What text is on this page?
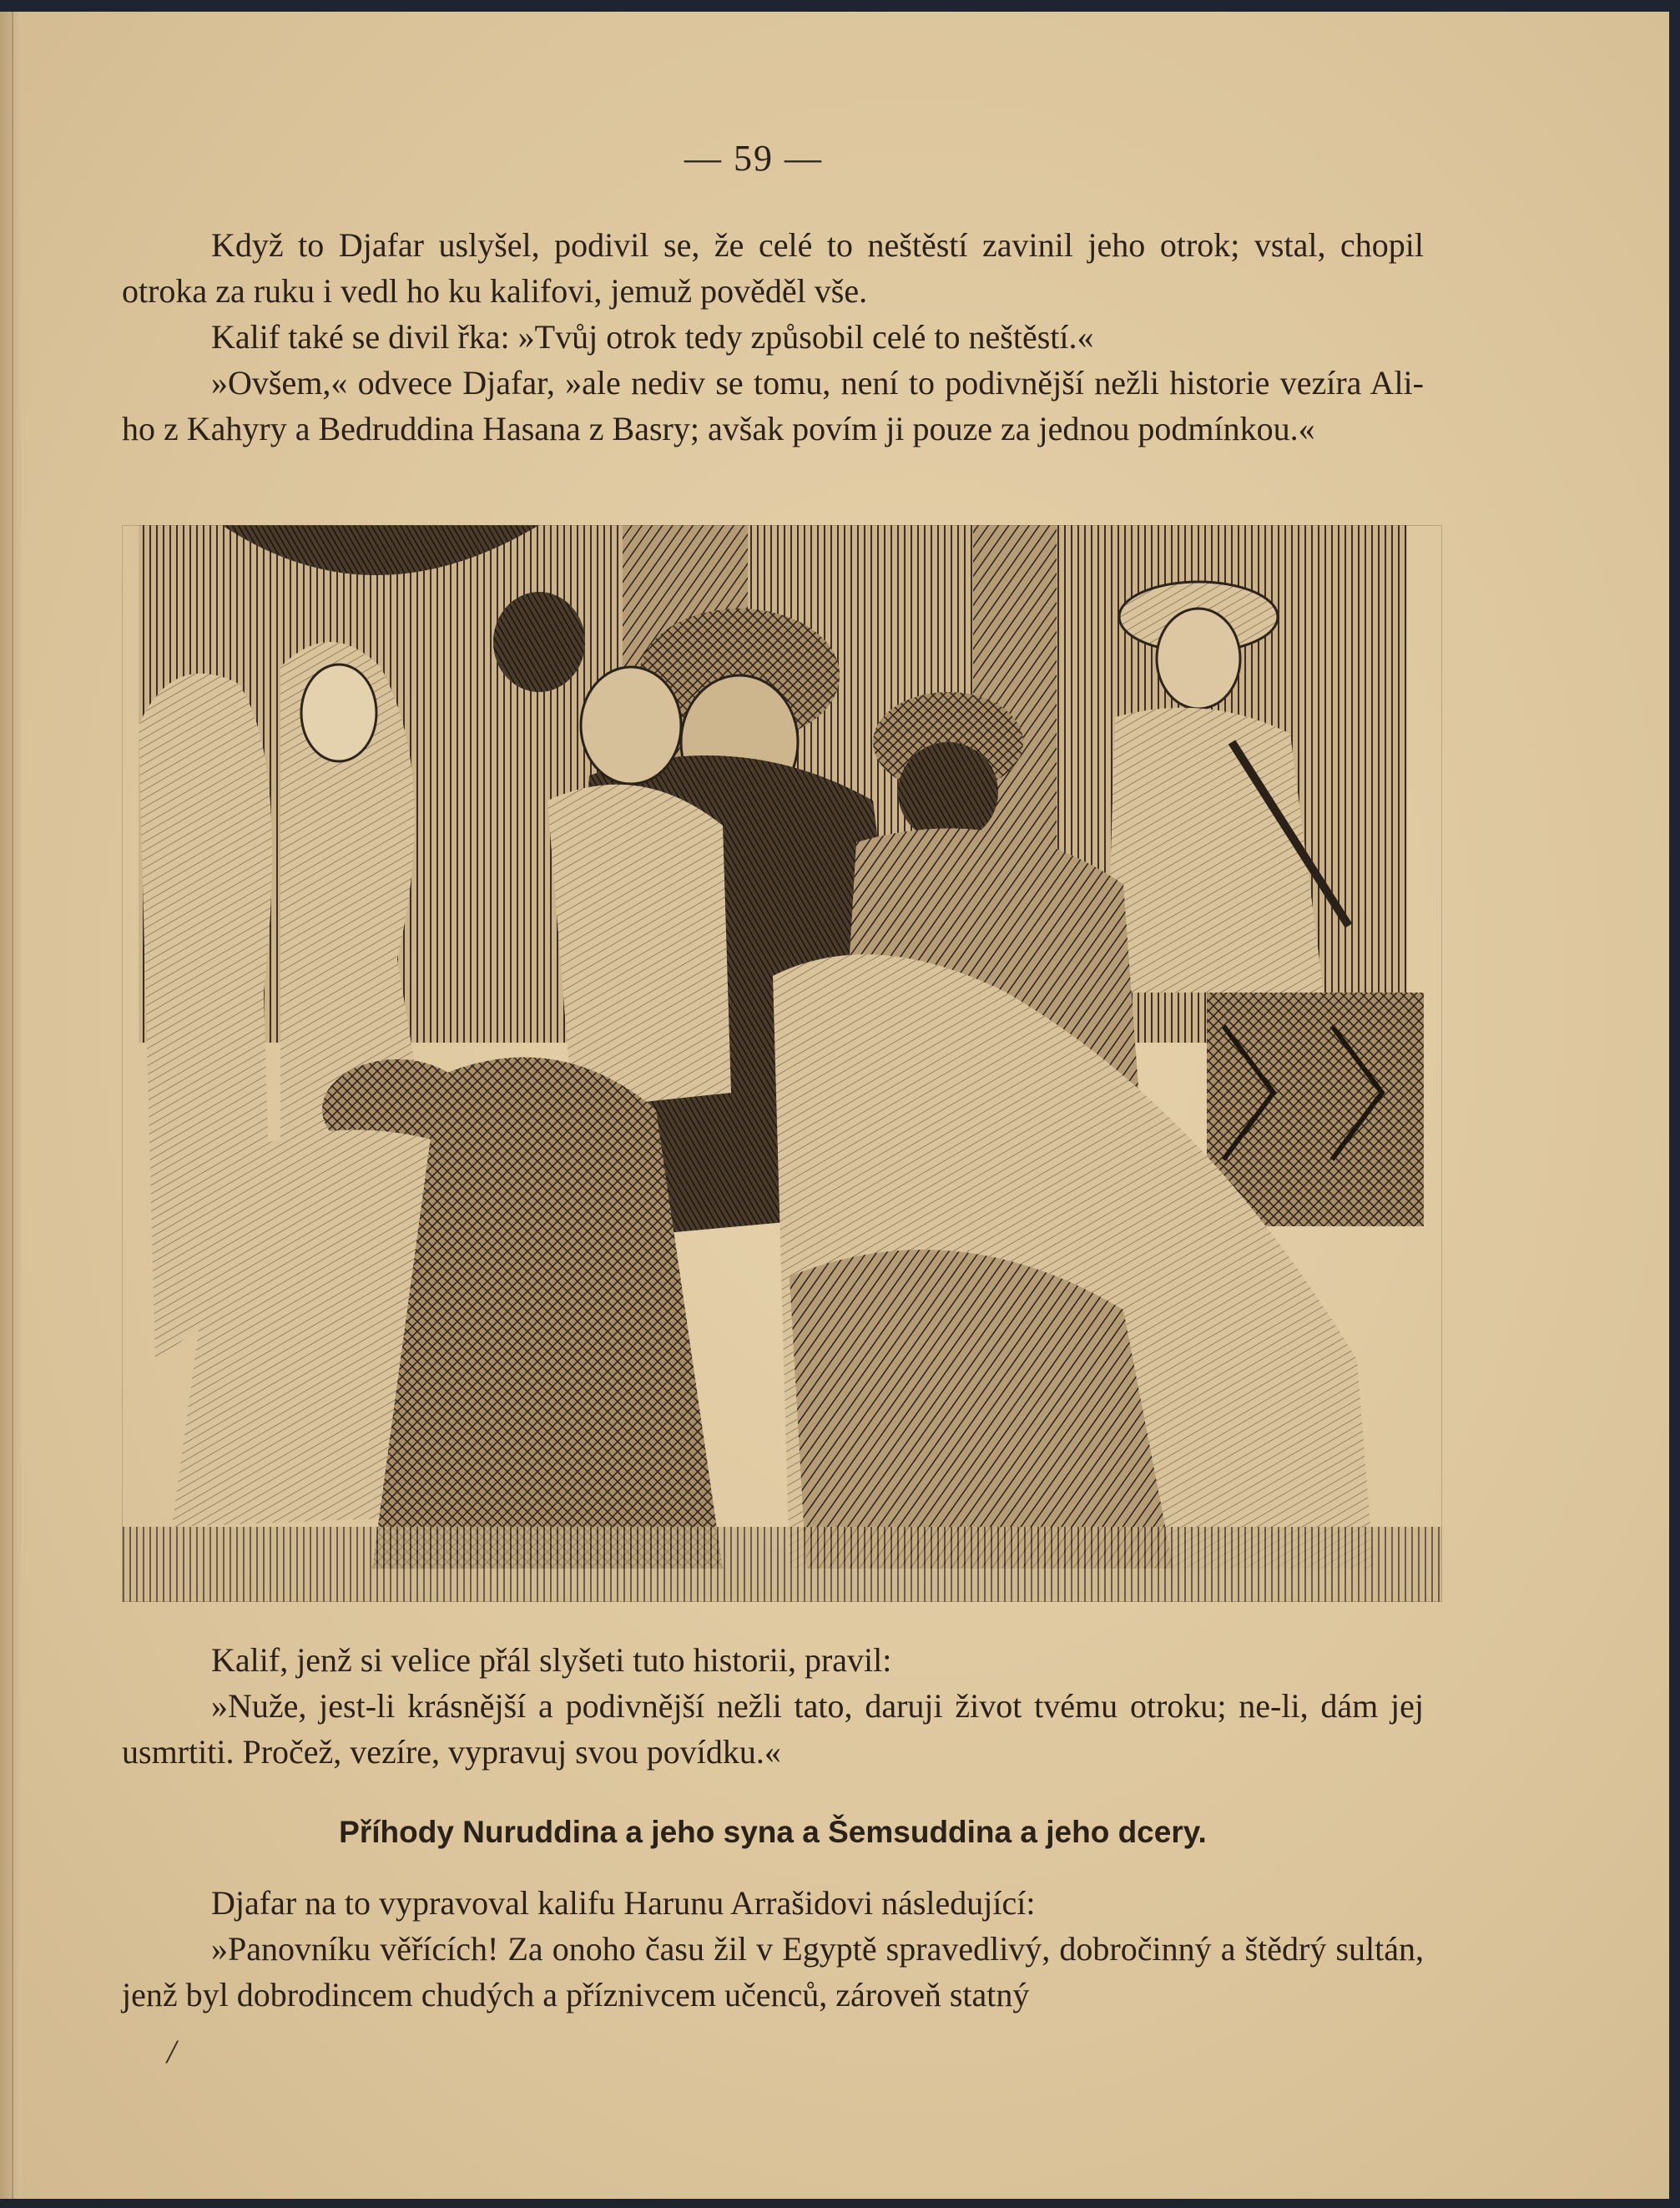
— 59 —

Když to Djafar uslyšel, podivil se, že celé to neštěstí zavinil jeho otrok; vstal, chopil otroka za ruku i vedl ho ku kalifovi, jemuž pověděl vše.

Kalif také se divil řka: »Tvůj otrok tedy způsobil celé to neštěstí.«

»Ovšem,« odvece Djafar, »ale nediv se tomu, není to podivnější nežli historie vezíra Ali-ho z Kahyry a Bedruddina Hasana z Basry; avšak povím ji pouze za jednou podmínkou.«

Kalif, jenž si velice přál slyšeti tuto historii, pravil:

»Nuže, jest-li krásnější a podivnější nežli tato, daruji život tvému otroku; ne-li, dám jej usmrtiti. Pročež, vezíre, vypravuj svou povídku.«

Příhody Nuruddina a jeho syna a Šemsuddina a jeho dcery.

Djafar na to vypravoval kalifu Harunu Arrašidovi následující:

»Panovníku věřících! Za onoho času žil v Egyptě spravedlivý, dobročinný a štědrý sultán, jenž byl dobrodincem chudých a příznivcem učenců, zároveň statný

/
